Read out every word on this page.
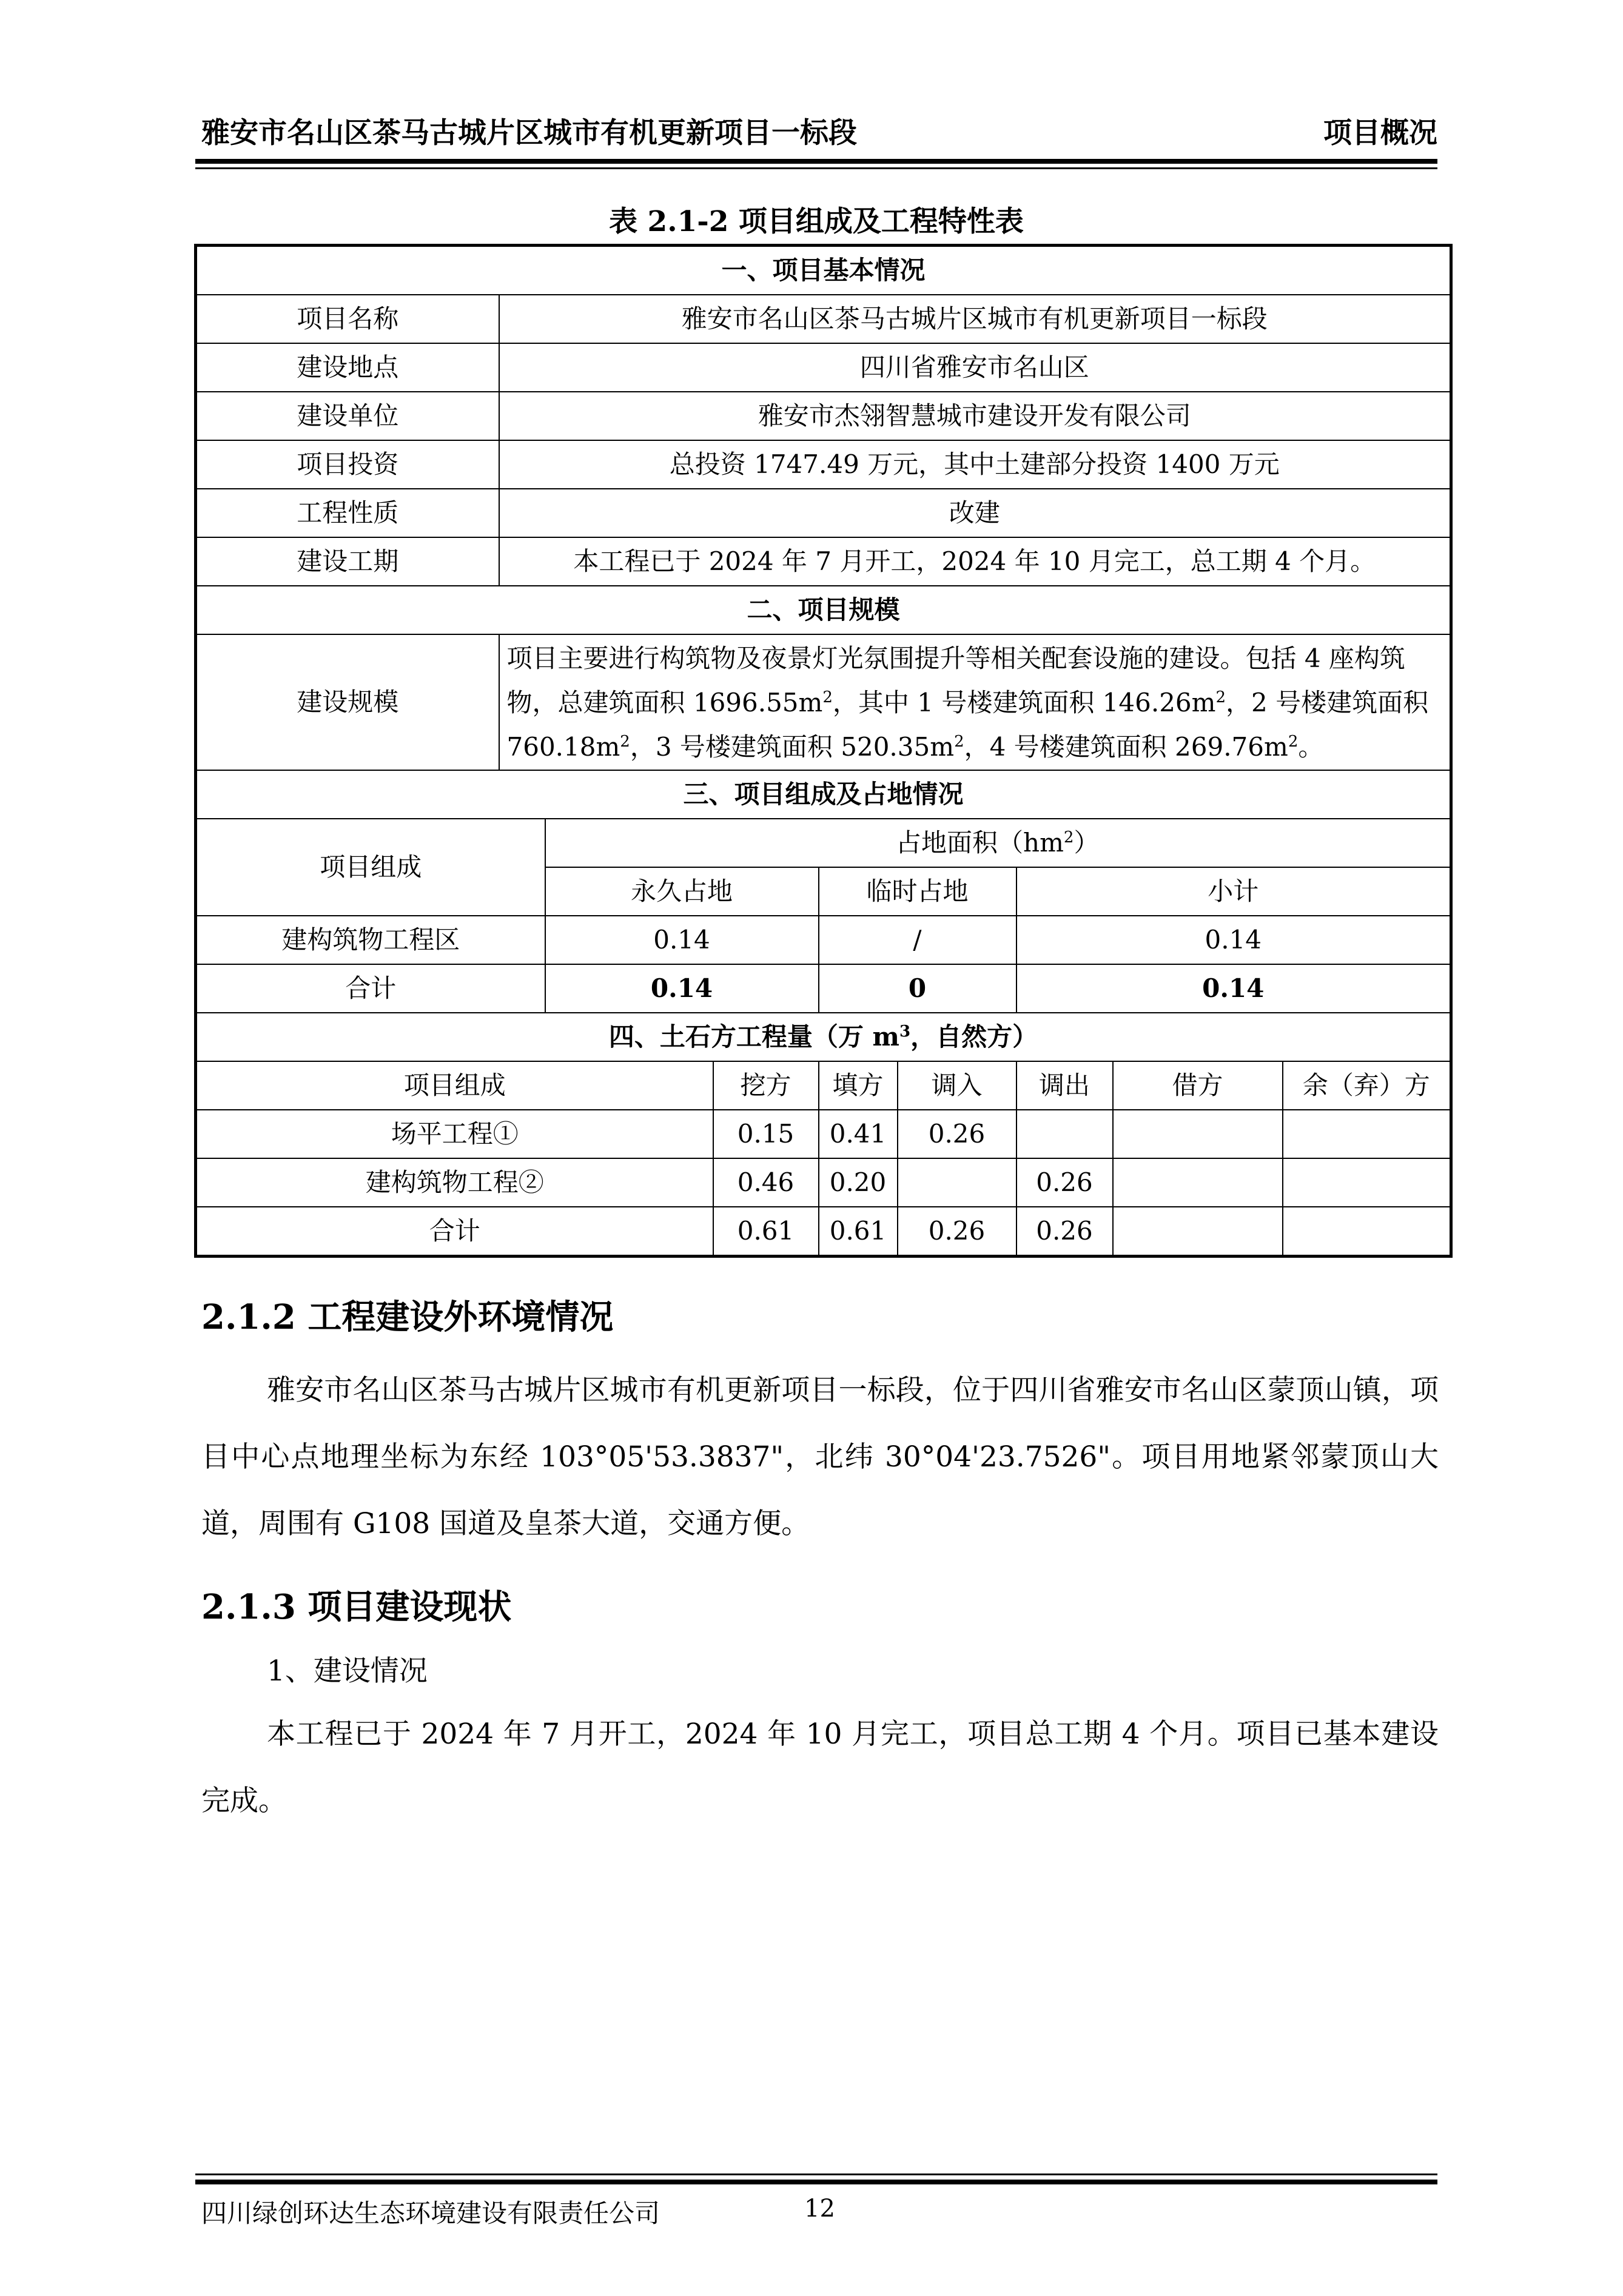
雅安市名山区茶马古城片区城市有机更新项目一标段	项目概况
表 2.1-2 项目组成及工程特性表
一、项目基本情况								
项目名称	雅安市名山区茶马古城片区城市有机更新项目一标段							
建设地点	四川省雅安市名山区							
建设单位	雅安市杰翎智慧城市建设开发有限公司							
项目投资	总投资 1747.49 万元，其中土建部分投资 1400 万元							
工程性质	改建							
建设工期	本工程已于 2024 年 7 月开工，2024 年 10 月完工，总工期 4 个月。							
二、项目规模								
建设规模	项目主要进行构筑物及夜景灯光氛围提升等相关配套设施的建设。包括 4 座构筑物，总建筑面积 $1696.55m^2$，其中 1 号楼建筑面积 $146.26m^2$，2 号楼建筑面积 $760.18m^2$，3 号楼建筑面积 $520.35m^2$，4 号楼建筑面积 $269.76m^2$。							
三、项目组成及占地情况								
项目组成		占地面积$(hm^2)$						
		永久占地		临时占地		小计		
建构筑物工程区		0.14		/		0.14		
合计		0.14		0		0.14		
四、土石方工程量（万 $m^3$，自然方）								
项目组成			挖方	填方	调入	调出	借方	余（弃）方
场平工程①			0.15	0.41	0.26			
建构筑物工程②			0.46	0.20		0.26		
合计			0.61	0.61	0.26	0.26		
2.1.2 工程建设外环境情况
雅安市名山区茶马古城片区城市有机更新项目一标段，位于四川省雅安市名山区蒙顶山镇，项目中心点地理坐标为东经 103°05'53.3837"，北纬 30°04'23.7526"。项目用地紧邻蒙顶山大道，周围有 G108 国道及皇茶大道，交通方便。
2.1.3 项目建设现状
1、建设情况
本工程已于 2024 年 7 月开工，2024 年 10 月完工，项目总工期 4 个月。项目已基本建设完成。
四川绿创环达生态环境建设有限责任公司	12
